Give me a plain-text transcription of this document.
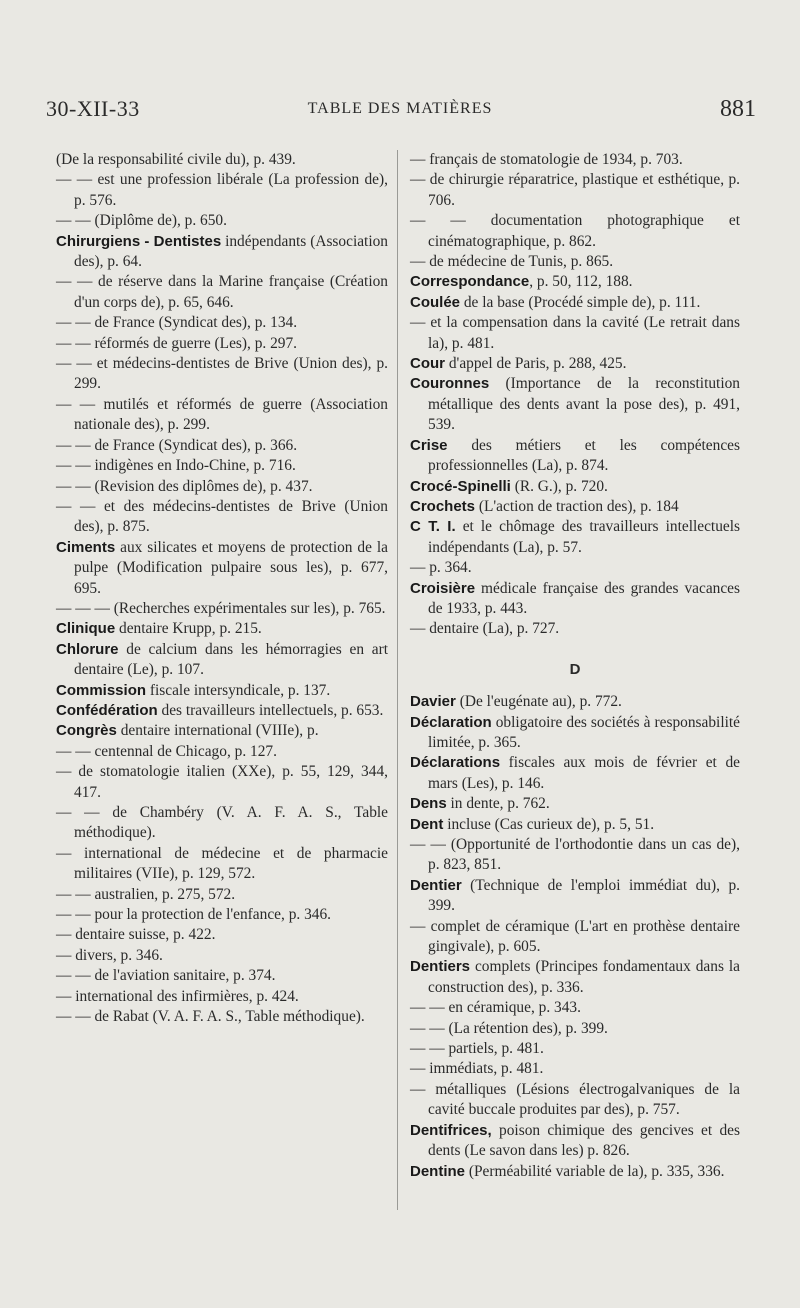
30-XII-33	TABLE DES MATIÈRES	881

(De la responsabilité civile du), p. 439.

— — est une profession libérale (La profession de), p. 576.

— — (Diplôme de), p. 650.

Chirurgiens - Dentistes indépendants (Association des), p. 64.

— — de réserve dans la Marine française (Création d'un corps de), p. 65, 646.

— — de France (Syndicat des), p. 134.

— — réformés de guerre (Les), p. 297.

— — et médecins-dentistes de Brive (Union des), p. 299.

— — mutilés et réformés de guerre (Association nationale des), p. 299.

— — de France (Syndicat des), p. 366.

— — indigènes en Indo-Chine, p. 716.

— — (Revision des diplômes de), p. 437.

— — et des médecins-dentistes de Brive (Union des), p. 875.

Ciments aux silicates et moyens de protection de la pulpe (Modification pulpaire sous les), p. 677, 695.

— — — (Recherches expérimentales sur les), p. 765.

Clinique dentaire Krupp, p. 215.

Chlorure de calcium dans les hémorragies en art dentaire (Le), p. 107.

Commission fiscale intersyndicale, p. 137.

Confédération des travailleurs intellectuels, p. 653.

Congrès dentaire international (VIIIe), p.

— — centennal de Chicago, p. 127.

— de stomatologie italien (XXe), p. 55, 129, 344, 417.

— — de Chambéry (V. A. F. A. S., Table méthodique).

— international de médecine et de pharmacie militaires (VIIe), p. 129, 572.

— — australien, p. 275, 572.

— — pour la protection de l'enfance, p. 346.

— dentaire suisse, p. 422.

— divers, p. 346.

— — de l'aviation sanitaire, p. 374.

— international des infirmières, p. 424.

— — de Rabat (V. A. F. A. S., Table méthodique).

— français de stomatologie de 1934, p. 703.

— de chirurgie réparatrice, plastique et esthétique, p. 706.

— — documentation photographique et cinématographique, p. 862.

— de médecine de Tunis, p. 865.

Correspondance, p. 50, 112, 188.

Coulée de la base (Procédé simple de), p. 111.

— et la compensation dans la cavité (Le retrait dans la), p. 481.

Cour d'appel de Paris, p. 288, 425.

Couronnes (Importance de la reconstitution métallique des dents avant la pose des), p. 491, 539.

Crise des métiers et les compétences professionnelles (La), p. 874.

Crocé-Spinelli (R. G.), p. 720.

Crochets (L'action de traction des), p. 184

C T. I. et le chômage des travailleurs intellectuels indépendants (La), p. 57.

— p. 364.

Croisière médicale française des grandes vacances de 1933, p. 443.

— dentaire (La), p. 727.

D

Davier (De l'eugénate au), p. 772.

Déclaration obligatoire des sociétés à responsabilité limitée, p. 365.

Déclarations fiscales aux mois de février et de mars (Les), p. 146.

Dens in dente, p. 762.

Dent incluse (Cas curieux de), p. 5, 51.

— — (Opportunité de l'orthodontie dans un cas de), p. 823, 851.

Dentier (Technique de l'emploi immédiat du), p. 399.

— complet de céramique (L'art en prothèse dentaire gingivale), p. 605.

Dentiers complets (Principes fondamentaux dans la construction des), p. 336.

— — en céramique, p. 343.

— — (La rétention des), p. 399.

— — partiels, p. 481.

— immédiats, p. 481.

— métalliques (Lésions électrogalvaniques de la cavité buccale produites par des), p. 757.

Dentifrices, poison chimique des gencives et des dents (Le savon dans les) p. 826.

Dentine (Perméabilité variable de la), p. 335, 336.
